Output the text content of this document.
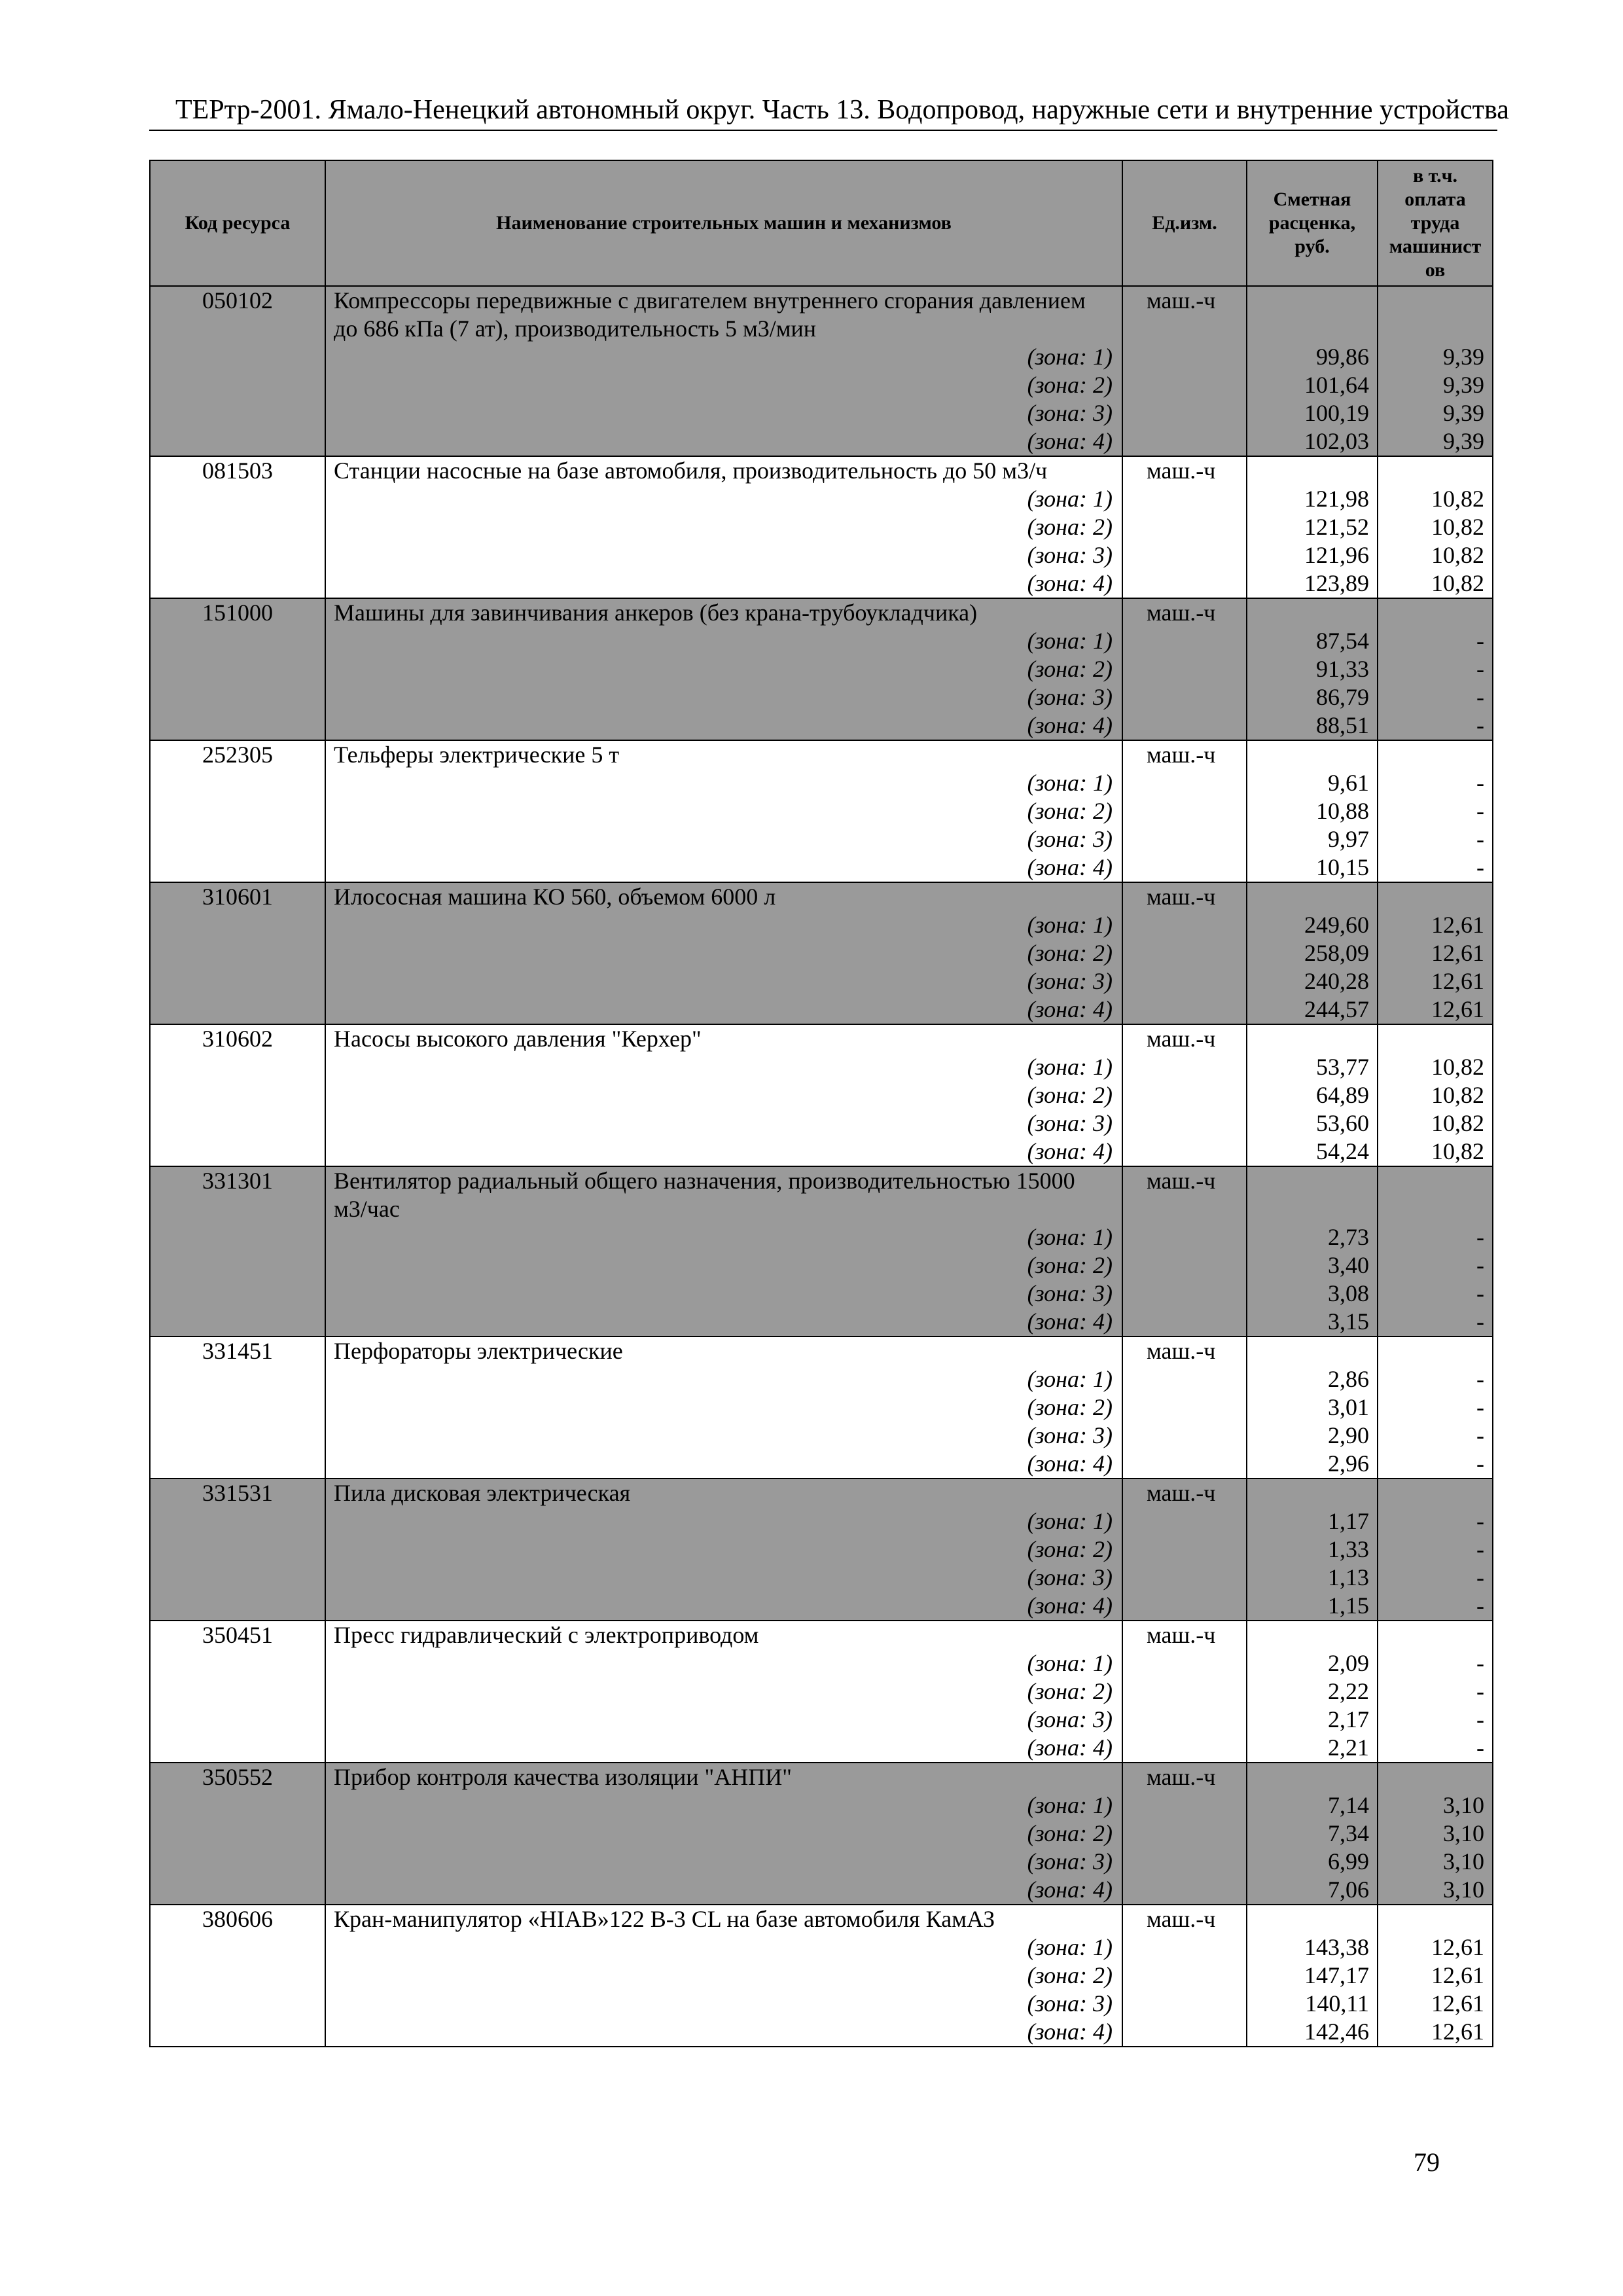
ТЕРтр-2001. Ямало-Ненецкий автономный округ. Часть 13. Водопровод, наружные сети и внутренние устройства
Код ресурса	Наименование строительных машин и механизмов	Ед.изм.	Сметная расценка, руб.	в т.ч. оплата труда машинист ов
050102	Компрессоры передвижные с двигателем внутреннего сгорания давлением	маш.-ч		
	до 686 кПа (7 ат), производительность 5 м3/мин			
	(зона: 1)		99,86	9,39
	(зона: 2)		101,64	9,39
	(зона: 3)		100,19	9,39
	(зона: 4)		102,03	9,39
081503	Станции насосные на базе автомобиля, производительность до 50 м3/ч	маш.-ч		
	(зона: 1)		121,98	10,82
	(зона: 2)		121,52	10,82
	(зона: 3)		121,96	10,82
	(зона: 4)		123,89	10,82
151000	Машины для завинчивания анкеров (без крана-трубоукладчика)	маш.-ч		
	(зона: 1)		87,54	-
	(зона: 2)		91,33	-
	(зона: 3)		86,79	-
	(зона: 4)		88,51	-
252305	Тельферы электрические 5 т	маш.-ч		
	(зона: 1)		9,61	-
	(зона: 2)		10,88	-
	(зона: 3)		9,97	-
	(зона: 4)		10,15	-
310601	Илососная машина КО 560, объемом 6000 л	маш.-ч		
	(зона: 1)		249,60	12,61
	(зона: 2)		258,09	12,61
	(зона: 3)		240,28	12,61
	(зона: 4)		244,57	12,61
310602	Насосы высокого давления "Керхер"	маш.-ч		
	(зона: 1)		53,77	10,82
	(зона: 2)		64,89	10,82
	(зона: 3)		53,60	10,82
	(зона: 4)		54,24	10,82
331301	Вентилятор радиальный общего назначения, производительностью 15000	маш.-ч		
	м3/час			
	(зона: 1)		2,73	-
	(зона: 2)		3,40	-
	(зона: 3)		3,08	-
	(зона: 4)		3,15	-
331451	Перфораторы электрические	маш.-ч		
	(зона: 1)		2,86	-
	(зона: 2)		3,01	-
	(зона: 3)		2,90	-
	(зона: 4)		2,96	-
331531	Пила дисковая электрическая	маш.-ч		
	(зона: 1)		1,17	-
	(зона: 2)		1,33	-
	(зона: 3)		1,13	-
	(зона: 4)		1,15	-
350451	Пресс гидравлический с электроприводом	маш.-ч		
	(зона: 1)		2,09	-
	(зона: 2)		2,22	-
	(зона: 3)		2,17	-
	(зона: 4)		2,21	-
350552	Прибор контроля качества изоляции "АНПИ"	маш.-ч		
	(зона: 1)		7,14	3,10
	(зона: 2)		7,34	3,10
	(зона: 3)		6,99	3,10
	(зона: 4)		7,06	3,10
380606	Кран-манипулятор «HIAB»122 B-3 CL на базе автомобиля КамАЗ	маш.-ч		
	(зона: 1)		143,38	12,61
	(зона: 2)		147,17	12,61
	(зона: 3)		140,11	12,61
	(зона: 4)		142,46	12,61
79
